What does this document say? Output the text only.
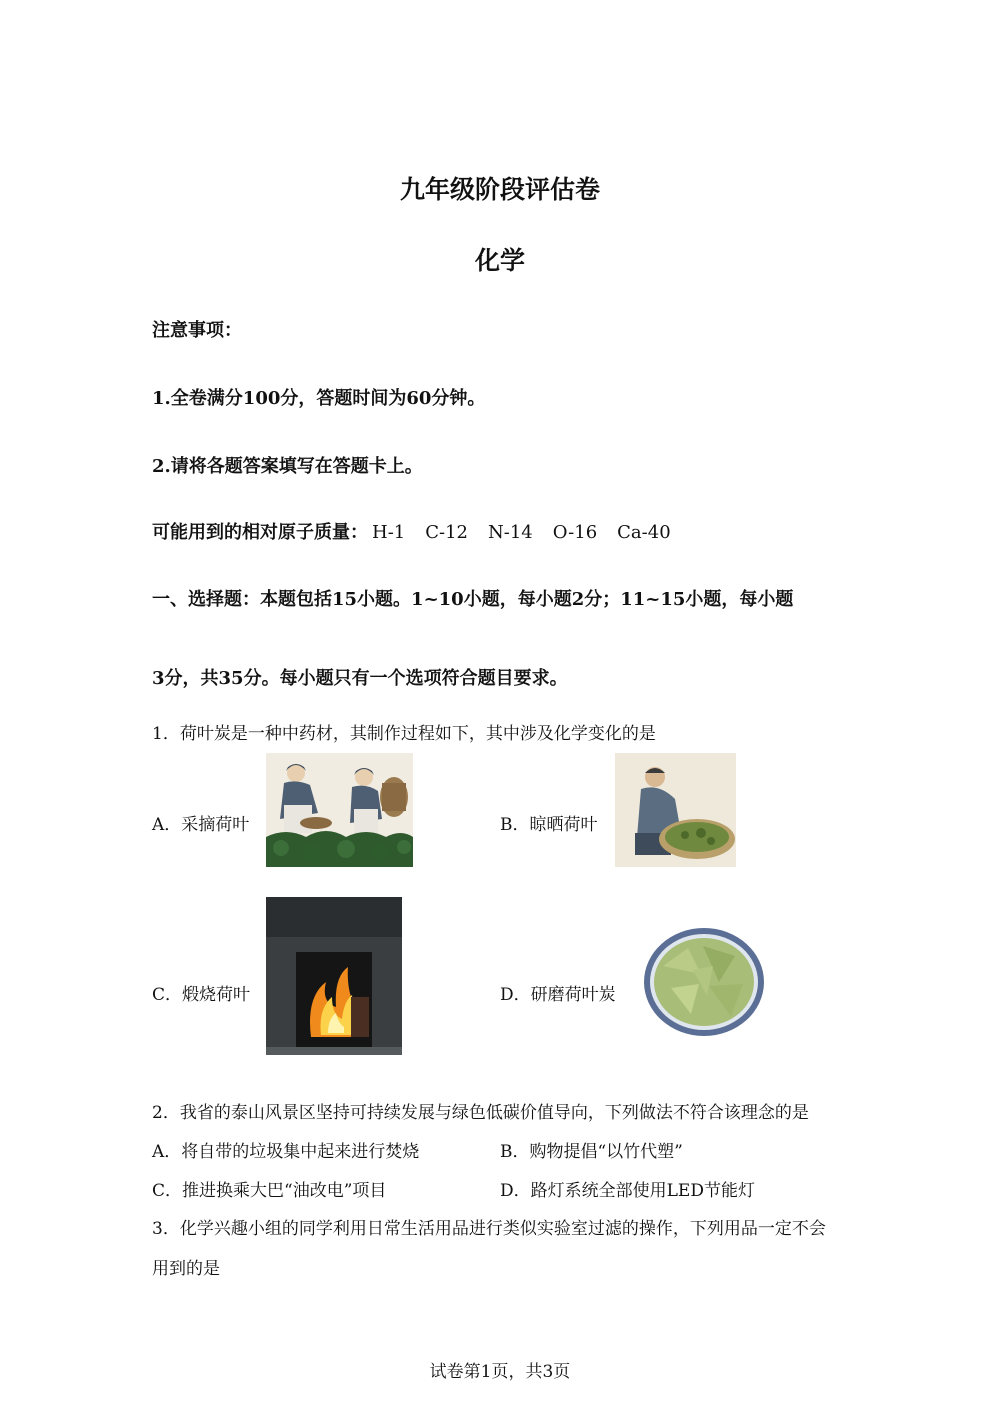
九年级阶段评估卷
化学
注意事项：
1.全卷满分100分，答题时间为60分钟。
2.请将各题答案填写在答题卡上。
可能用到的相对原子质量： H-1 C-12 N-14 O-16 Ca-40
一、选择题：本题包括15小题。1~10小题，每小题2分；11~15小题，每小题
3分，共35分。每小题只有一个选项符合题目要求。
1．荷叶炭是一种中药材，其制作过程如下，其中涉及化学变化的是
A．采摘荷叶	B．晾晒荷叶
C．煅烧荷叶	D．研磨荷叶炭
2．我省的泰山风景区坚持可持续发展与绿色低碳价值导向，下列做法不符合该理念的是
A．将自带的垃圾集中起来进行焚烧	B．购物提倡“以竹代塑”
C．推进换乘大巴“油改电”项目	D．路灯系统全部使用LED节能灯
3．化学兴趣小组的同学利用日常生活用品进行类似实验室过滤的操作，下列用品一定不会
用到的是
试卷第1页，共3页
